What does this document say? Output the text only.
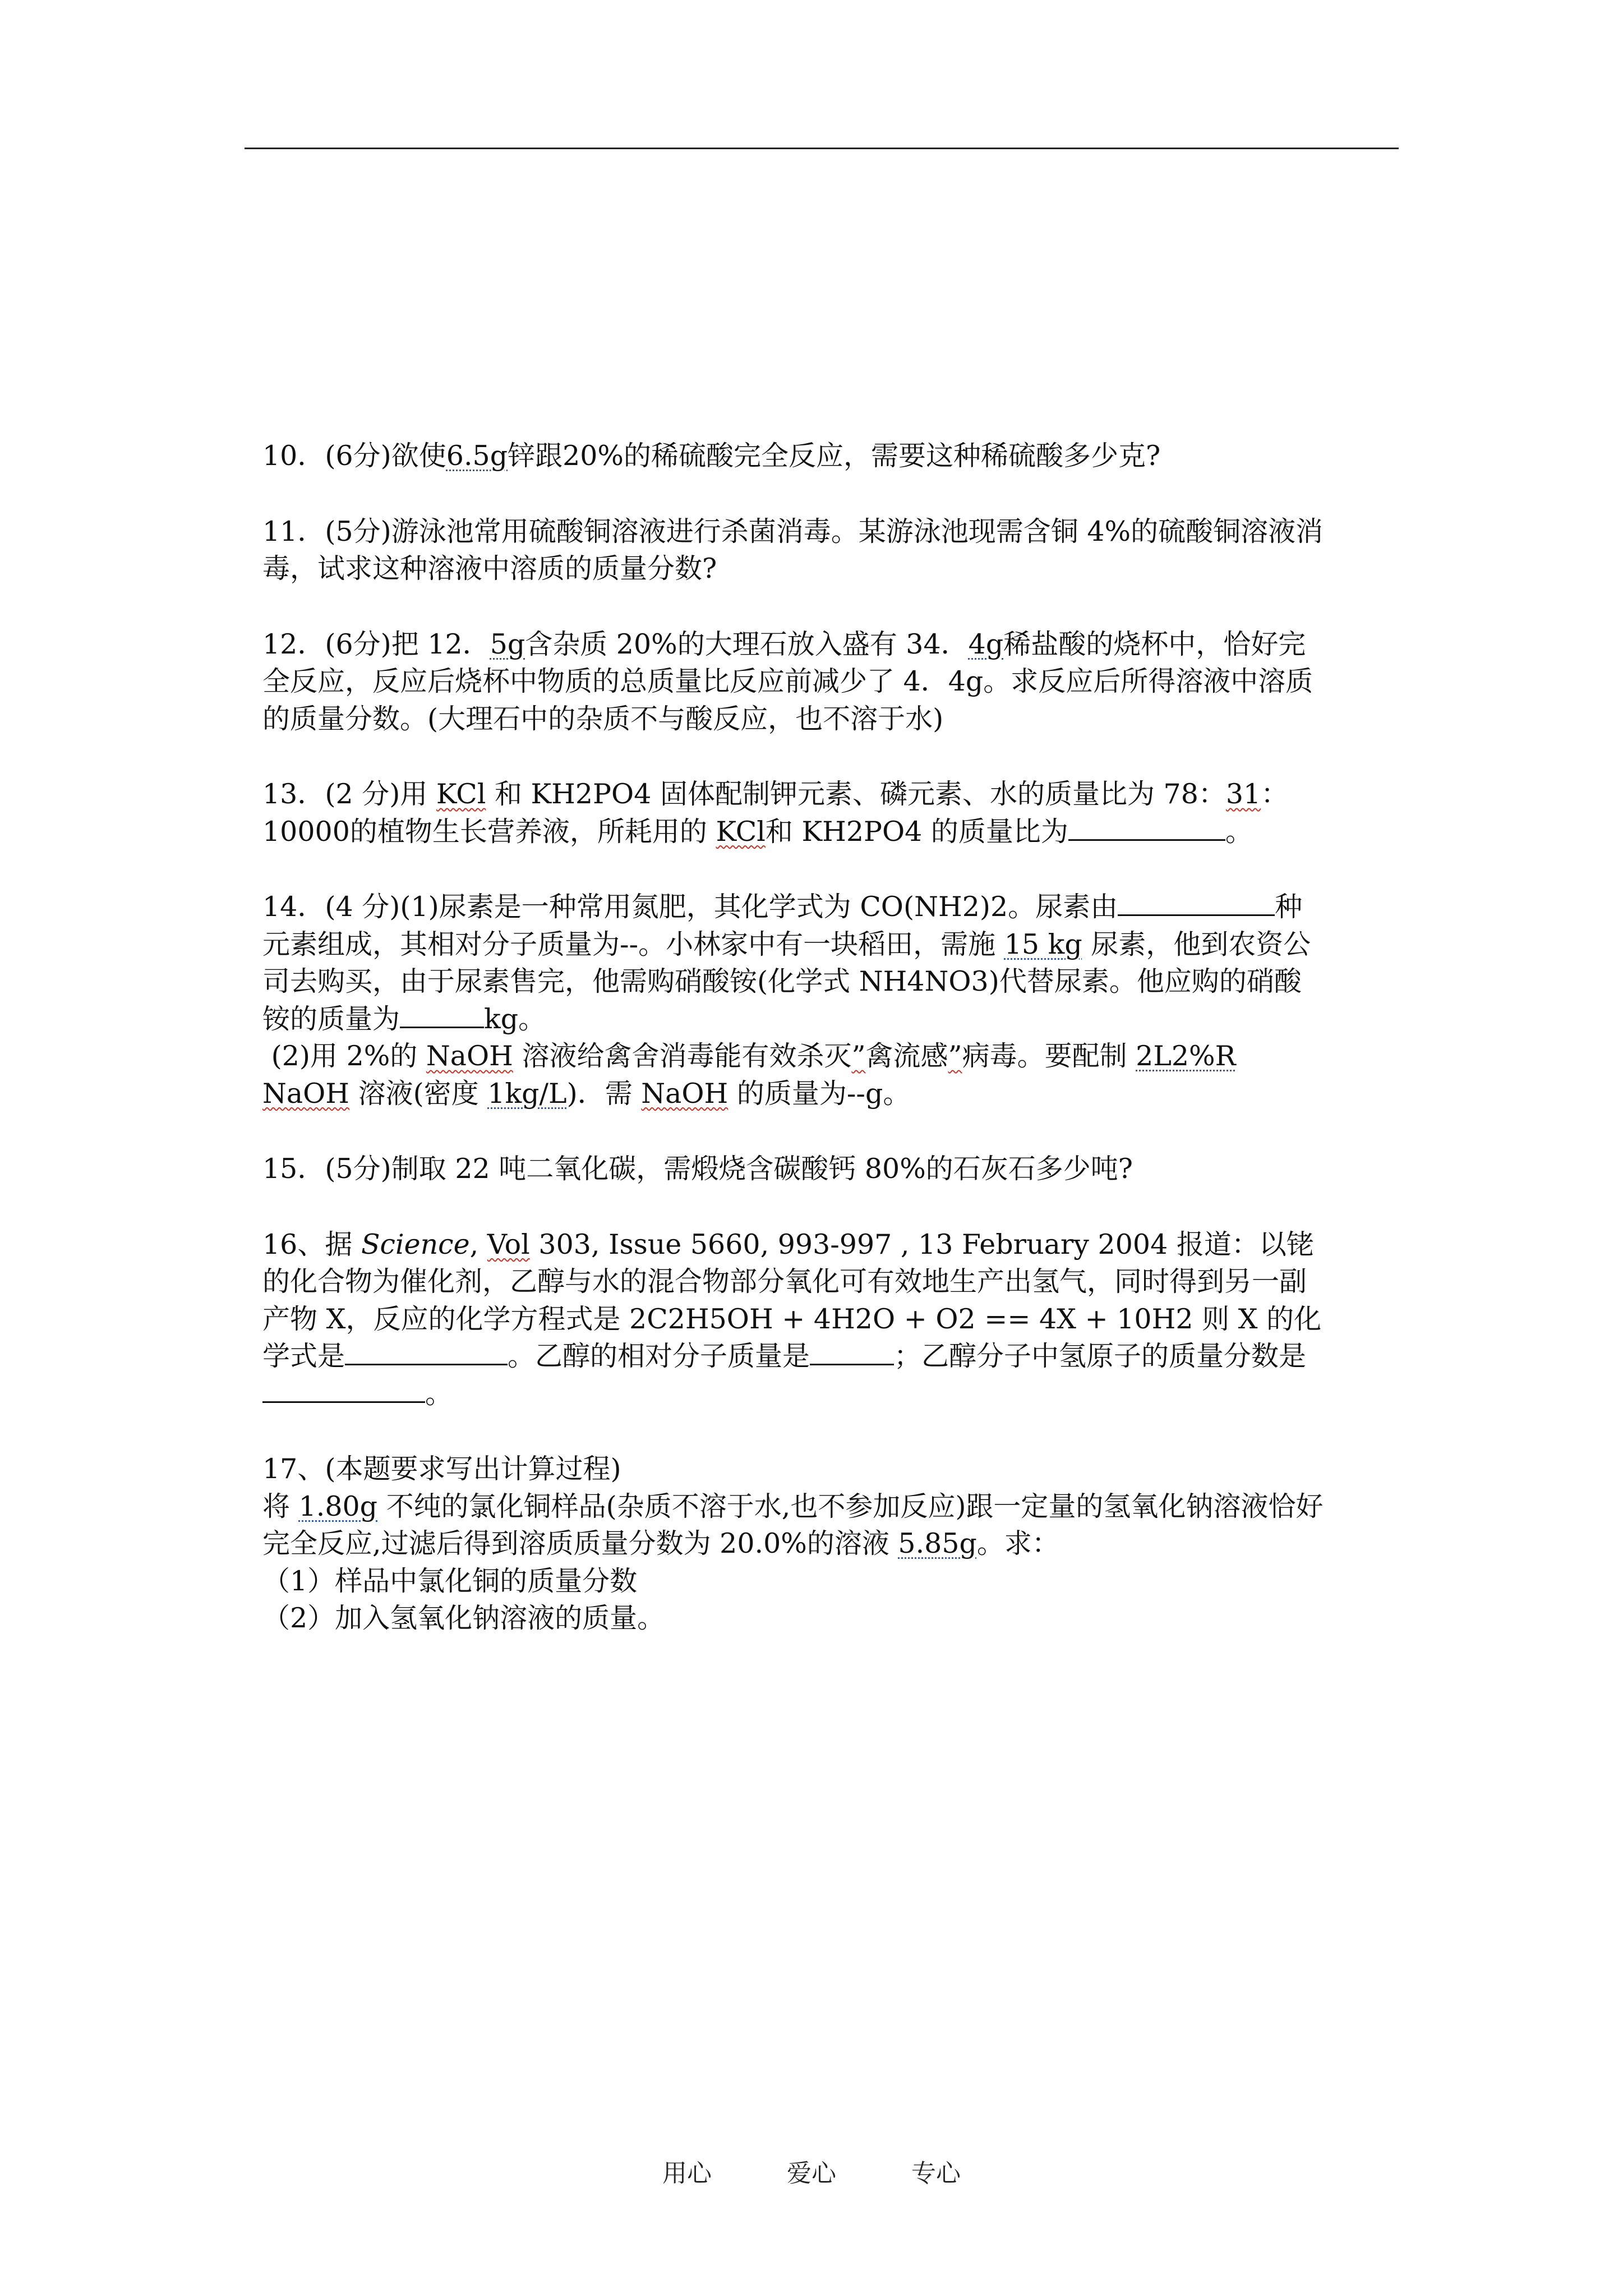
10．(6分)欲使6.5g锌跟20%的稀硫酸完全反应，需要这种稀硫酸多少克?

11．(5分)游泳池常用硫酸铜溶液进行杀菌消毒。某游泳池现需含铜 4%的硫酸铜溶液消毒，试求这种溶液中溶质的质量分数?

12．(6分)把 12．5g含杂质 20%的大理石放入盛有 34．4g稀盐酸的烧杯中，恰好完全反应，反应后烧杯中物质的总质量比反应前减少了 4．4g。求反应后所得溶液中溶质的质量分数。(大理石中的杂质不与酸反应，也不溶于水)

13．(2 分)用 KCl 和 KH2PO4 固体配制钾元素、磷元素、水的质量比为 78：31：10000的植物生长营养液，所耗用的 KCl和 KH2PO4 的质量比为	。

14．(4 分)(1)尿素是一种常用氮肥，其化学式为 CO(NH2)2。尿素由	种元素组成，其相对分子质量为--。小林家中有一块稻田，需施 15 kg 尿素，他到农资公司去购买，由于尿素售完，他需购硝酸铵(化学式 NH4NO3)代替尿素。他应购的硝酸铵的质量为	kg。

(2)用 2%的 NaOH 溶液给禽舍消毒能有效杀灭”禽流感”病毒。要配制 2L2%R NaOH 溶液(密度 1kg/L)．需 NaOH 的质量为--g。

15．(5分)制取 22 吨二氧化碳，需煅烧含碳酸钙 80%的石灰石多少吨?

16、据 Science, Vol 303, Issue 5660, 993-997 , 13 February 2004 报道：以铑的化合物为催化剂，乙醇与水的混合物部分氧化可有效地生产出氢气，同时得到另一副产物 X，反应的化学方程式是 2C2H5OH + 4H2O + O2 == 4X + 10H2 则 X 的化学式是	。乙醇的相对分子质量是	；乙醇分子中氢原子的质量分数是。

17、(本题要求写出计算过程)

将 1.80g 不纯的氯化铜样品(杂质不溶于水,也不参加反应)跟一定量的氢氧化钠溶液恰好完全反应,过滤后得到溶质质量分数为 20.0%的溶液 5.85g。求：

（1）样品中氯化铜的质量分数

（2）加入氢氧化钠溶液的质量。

用心	爱心	专心
